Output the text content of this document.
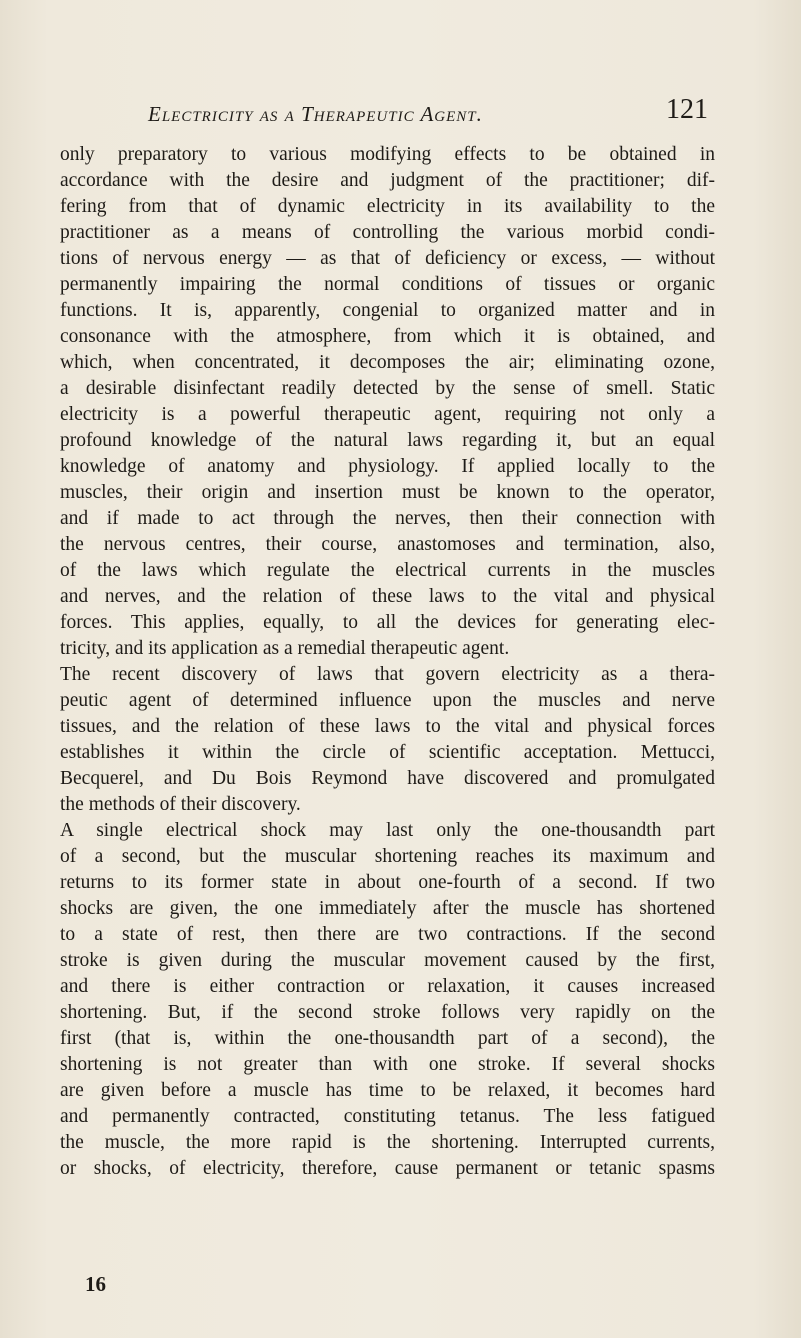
Electricity as a Therapeutic Agent.	121
only preparatory to various modifying effects to be obtained in
accordance with the desire and judgment of the practitioner; dif-
fering from that of dynamic electricity in its availability to the
practitioner as a means of controlling the various morbid condi-
tions of nervous energy — as that of deficiency or excess, — without
permanently impairing the normal conditions of tissues or organic
functions. It is, apparently, congenial to organized matter and in
consonance with the atmosphere, from which it is obtained, and
which, when concentrated, it decomposes the air; eliminating ozone,
a desirable disinfectant readily detected by the sense of smell. Static
electricity is a powerful therapeutic agent, requiring not only a
profound knowledge of the natural laws regarding it, but an equal
knowledge of anatomy and physiology. If applied locally to the
muscles, their origin and insertion must be known to the operator,
and if made to act through the nerves, then their connection with
the nervous centres, their course, anastomoses and termination, also,
of the laws which regulate the electrical currents in the muscles
and nerves, and the relation of these laws to the vital and physical
forces. This applies, equally, to all the devices for generating elec-
tricity, and its application as a remedial therapeutic agent.
The recent discovery of laws that govern electricity as a thera-
peutic agent of determined influence upon the muscles and nerve
tissues, and the relation of these laws to the vital and physical forces
establishes it within the circle of scientific acceptation. Mettucci,
Becquerel, and Du Bois Reymond have discovered and promulgated
the methods of their discovery.
A single electrical shock may last only the one-thousandth part
of a second, but the muscular shortening reaches its maximum and
returns to its former state in about one-fourth of a second. If two
shocks are given, the one immediately after the muscle has shortened
to a state of rest, then there are two contractions. If the second
stroke is given during the muscular movement caused by the first,
and there is either contraction or relaxation, it causes increased
shortening. But, if the second stroke follows very rapidly on the
first (that is, within the one-thousandth part of a second), the
shortening is not greater than with one stroke. If several shocks
are given before a muscle has time to be relaxed, it becomes hard
and permanently contracted, constituting tetanus. The less fatigued
the muscle, the more rapid is the shortening. Interrupted currents,
or shocks, of electricity, therefore, cause permanent or tetanic spasms
16
